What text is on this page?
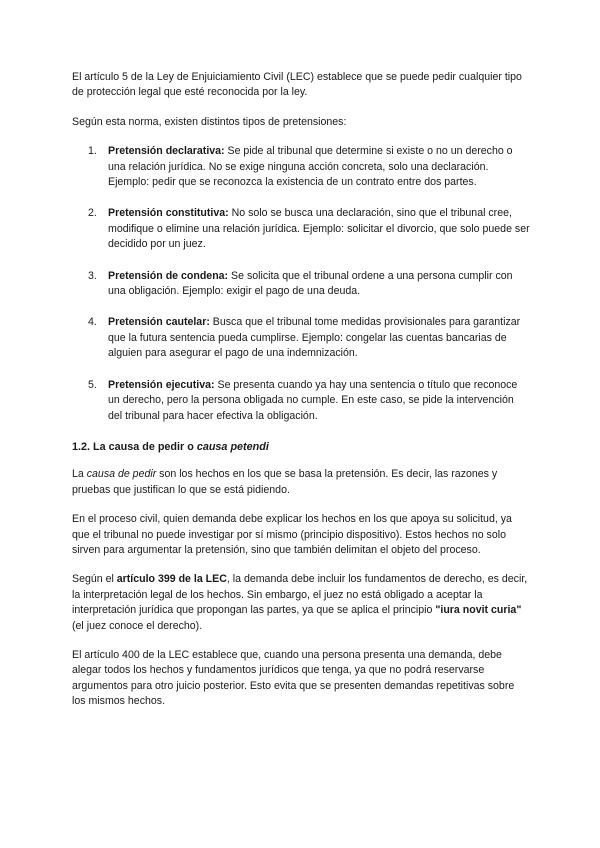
El artículo 5 de la Ley de Enjuiciamiento Civil (LEC) establece que se puede pedir cualquier tipo de protección legal que esté reconocida por la ley.

Según esta norma, existen distintos tipos de pretensiones:

1. Pretensión declarativa: Se pide al tribunal que determine si existe o no un derecho o una relación jurídica. No se exige ninguna acción concreta, solo una declaración. Ejemplo: pedir que se reconozca la existencia de un contrato entre dos partes.
2. Pretensión constitutiva: No solo se busca una declaración, sino que el tribunal cree, modifique o elimine una relación jurídica. Ejemplo: solicitar el divorcio, que solo puede ser decidido por un juez.
3. Pretensión de condena: Se solicita que el tribunal ordene a una persona cumplir con una obligación. Ejemplo: exigir el pago de una deuda.
4. Pretensión cautelar: Busca que el tribunal tome medidas provisionales para garantizar que la futura sentencia pueda cumplirse. Ejemplo: congelar las cuentas bancarias de alguien para asegurar el pago de una indemnización.
5. Pretensión ejecutiva: Se presenta cuando ya hay una sentencia o título que reconoce un derecho, pero la persona obligada no cumple. En este caso, se pide la intervención del tribunal para hacer efectiva la obligación.
1.2. La causa de pedir o causa petendi

La causa de pedir son los hechos en los que se basa la pretensión. Es decir, las razones y pruebas que justifican lo que se está pidiendo.

En el proceso civil, quien demanda debe explicar los hechos en los que apoya su solicitud, ya que el tribunal no puede investigar por sí mismo (principio dispositivo). Estos hechos no solo sirven para argumentar la pretensión, sino que también delimitan el objeto del proceso.

Según el artículo 399 de la LEC, la demanda debe incluir los fundamentos de derecho, es decir, la interpretación legal de los hechos. Sin embargo, el juez no está obligado a aceptar la interpretación jurídica que propongan las partes, ya que se aplica el principio "iura novit curia" (el juez conoce el derecho).

El artículo 400 de la LEC establece que, cuando una persona presenta una demanda, debe alegar todos los hechos y fundamentos jurídicos que tenga, ya que no podrá reservarse argumentos para otro juicio posterior. Esto evita que se presenten demandas repetitivas sobre los mismos hechos.
